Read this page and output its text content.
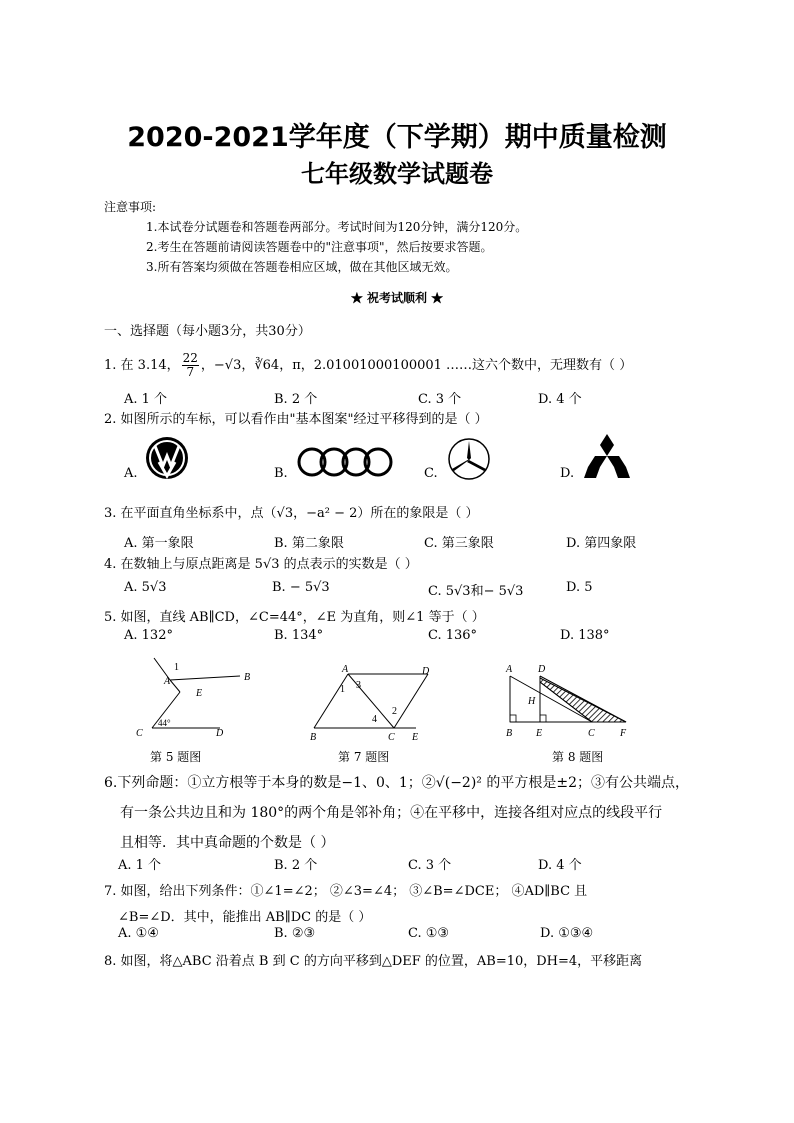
2020-2021学年度（下学期）期中质量检测
七年级数学试题卷
注意事项:
1.本试卷分试题卷和答题卷两部分。考试时间为120分钟，满分120分。
2.考生在答题前请阅读答题卷中的"注意事项"，然后按要求答题。
3.所有答案均须做在答题卷相应区域，做在其他区域无效。
★ 祝考试顺利 ★
一、选择题（每小题3分，共30分）
1. 在 3.14， $\frac{22}{7}$ ，−√3，∛64，π，2.01001000100001 ……这六个数中，无理数有（ ）
A. 1 个	B. 2 个	C. 3 个	D. 4 个
2. 如图所示的车标，可以看作由"基本图案"经过平移得到的是（ ）
A.	B.	C.	D.
3. 在平面直角坐标系中，点（√3，−a² − 2）所在的象限是（ ）
A. 第一象限	B. 第二象限	C. 第三象限	D. 第四象限
4. 在数轴上与原点距离是 5√3 的点表示的实数是（ ）
A. 5√3	B. − 5√3	C. 5√3和− 5√3	D. 5
5. 如图，直线 AB∥CD，∠C=44°，∠E 为直角，则∠1 等于（ ）
A. 132°	B. 134°	C. 136°	D. 138°
1
A	B
E
C	D
44°
第 5 题图
A	D
B	C E
1 3
2
4
第 7 题图
A	D
H
B E	C	F
第 8 题图
6.下列命题：①立方根等于本身的数是−1、0、1；②√(−2)² 的平方根是±2；③有公共端点，
有一条公共边且和为 180°的两个角是邻补角；④在平移中，连接各组对应点的线段平行
且相等．其中真命题的个数是（ ）
A. 1 个	B. 2 个	C. 3 个	D. 4 个
7. 如图，给出下列条件：①∠1=∠2； ②∠3=∠4； ③∠B=∠DCE； ④AD∥BC 且
∠B=∠D．其中，能推出 AB∥DC 的是（ ）
A. ①④	B. ②③	C. ①③	D. ①③④
8. 如图，将△ABC 沿着点 B 到 C 的方向平移到△DEF 的位置，AB=10，DH=4，平移距离
